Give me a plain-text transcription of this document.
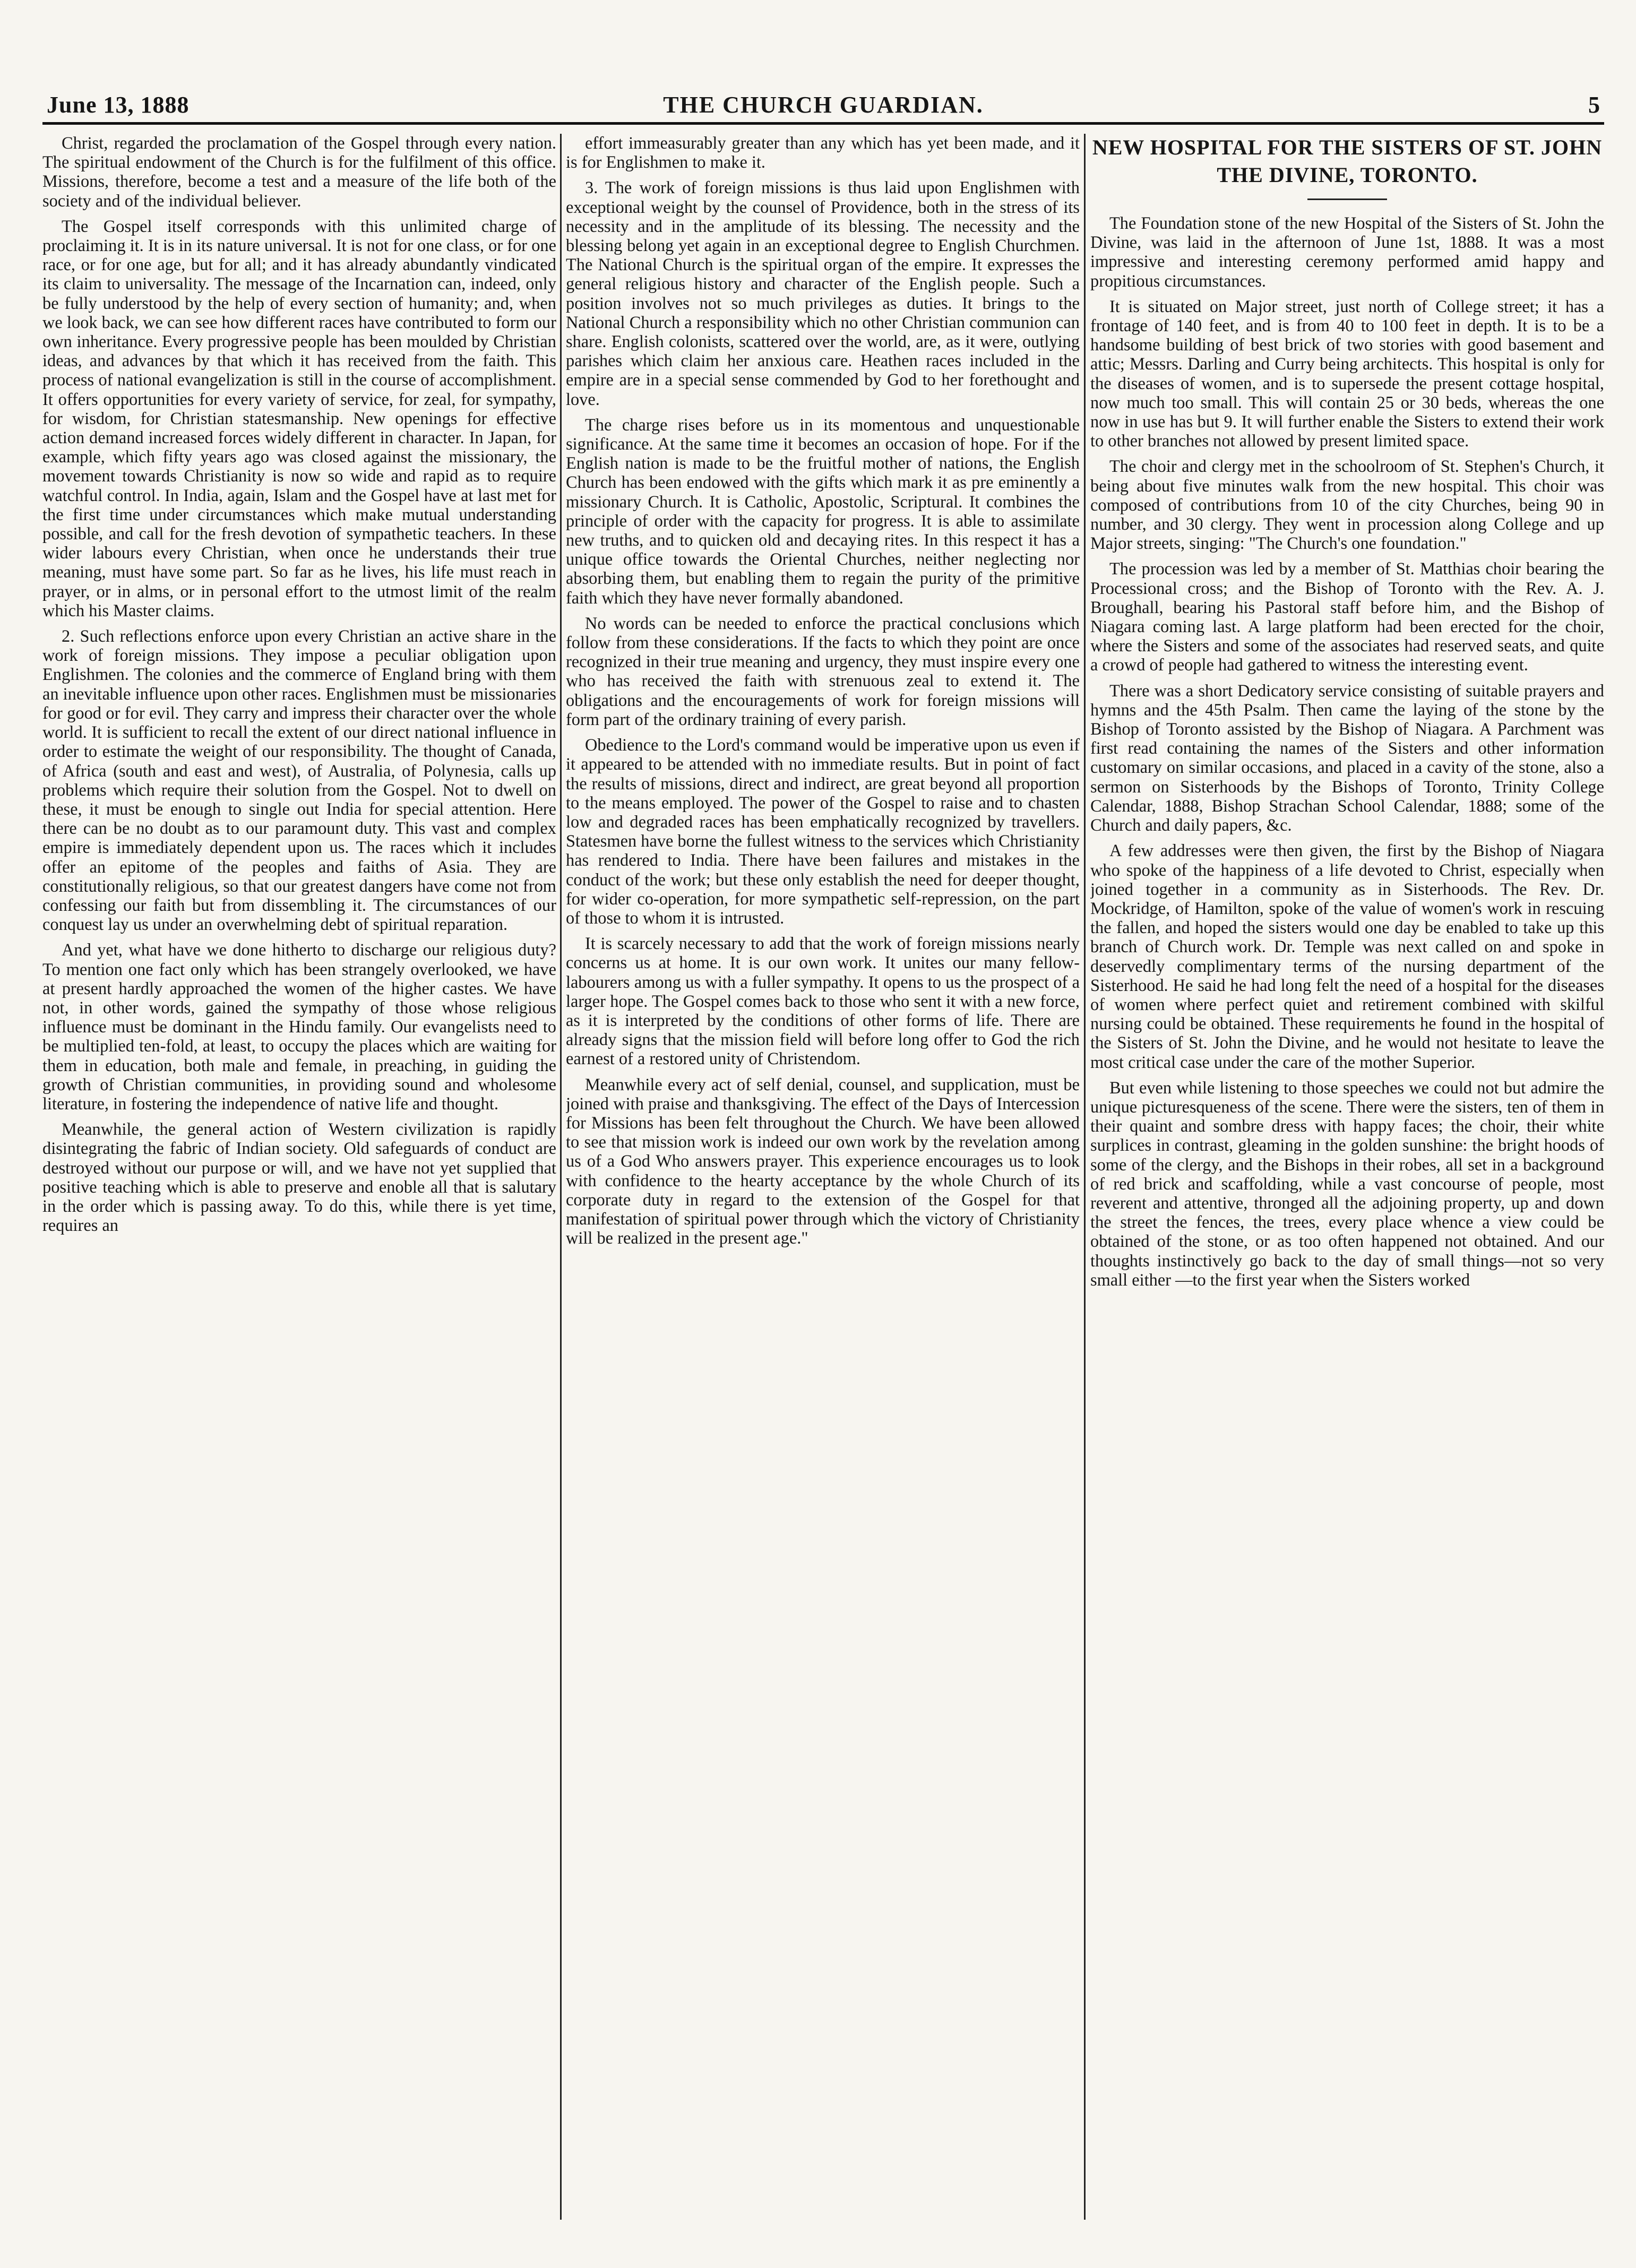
June 13, 1888	THE CHURCH GUARDIAN.	5

Christ, regarded the proclamation of the Gospel through every nation. The spiritual endowment of the Church is for the fulfilment of this office. Missions, therefore, become a test and a measure of the life both of the society and of the individual believer.

The Gospel itself corresponds with this unlimited charge of proclaiming it. It is in its nature universal. It is not for one class, or for one race, or for one age, but for all; and it has already abundantly vindicated its claim to universality. The message of the Incarnation can, indeed, only be fully understood by the help of every section of humanity; and, when we look back, we can see how different races have contributed to form our own inheritance. Every progressive people has been moulded by Christian ideas, and advances by that which it has received from the faith. This process of national evangelization is still in the course of accomplishment. It offers opportunities for every variety of service, for zeal, for sympathy, for wisdom, for Christian statesmanship. New openings for effective action demand increased forces widely different in character. In Japan, for example, which fifty years ago was closed against the missionary, the movement towards Christianity is now so wide and rapid as to require watchful control. In India, again, Islam and the Gospel have at last met for the first time under circumstances which make mutual understanding possible, and call for the fresh devotion of sympathetic teachers. In these wider labours every Christian, when once he understands their true meaning, must have some part. So far as he lives, his life must reach in prayer, or in alms, or in personal effort to the utmost limit of the realm which his Master claims.

2. Such reflections enforce upon every Christian an active share in the work of foreign missions. They impose a peculiar obligation upon Englishmen. The colonies and the commerce of England bring with them an inevitable influence upon other races. Englishmen must be missionaries for good or for evil. They carry and impress their character over the whole world. It is sufficient to recall the extent of our direct national influence in order to estimate the weight of our responsibility. The thought of Canada, of Africa (south and east and west), of Australia, of Polynesia, calls up problems which require their solution from the Gospel. Not to dwell on these, it must be enough to single out India for special attention. Here there can be no doubt as to our paramount duty. This vast and complex empire is immediately dependent upon us. The races which it includes offer an epitome of the peoples and faiths of Asia. They are constitutionally religious, so that our greatest dangers have come not from confessing our faith but from dissembling it. The circumstances of our conquest lay us under an overwhelming debt of spiritual reparation.

And yet, what have we done hitherto to discharge our religious duty? To mention one fact only which has been strangely overlooked, we have at present hardly approached the women of the higher castes. We have not, in other words, gained the sympathy of those whose religious influence must be dominant in the Hindu family. Our evangelists need to be multiplied ten-fold, at least, to occupy the places which are waiting for them in education, both male and female, in preaching, in guiding the growth of Christian communities, in providing sound and wholesome literature, in fostering the independence of native life and thought.

Meanwhile, the general action of Western civilization is rapidly disintegrating the fabric of Indian society. Old safeguards of conduct are destroyed without our purpose or will, and we have not yet supplied that positive teaching which is able to preserve and enoble all that is salutary in the order which is passing away. To do this, while there is yet time, requires an

effort immeasurably greater than any which has yet been made, and it is for Englishmen to make it.

3. The work of foreign missions is thus laid upon Englishmen with exceptional weight by the counsel of Providence, both in the stress of its necessity and in the amplitude of its blessing. The necessity and the blessing belong yet again in an exceptional degree to English Churchmen. The National Church is the spiritual organ of the empire. It expresses the general religious history and character of the English people. Such a position involves not so much privileges as duties. It brings to the National Church a responsibility which no other Christian communion can share. English colonists, scattered over the world, are, as it were, outlying parishes which claim her anxious care. Heathen races included in the empire are in a special sense commended by God to her forethought and love.

The charge rises before us in its momentous and unquestionable significance. At the same time it becomes an occasion of hope. For if the English nation is made to be the fruitful mother of nations, the English Church has been endowed with the gifts which mark it as pre eminently a missionary Church. It is Catholic, Apostolic, Scriptural. It combines the principle of order with the capacity for progress. It is able to assimilate new truths, and to quicken old and decaying rites. In this respect it has a unique office towards the Oriental Churches, neither neglecting nor absorbing them, but enabling them to regain the purity of the primitive faith which they have never formally abandoned.

No words can be needed to enforce the practical conclusions which follow from these considerations. If the facts to which they point are once recognized in their true meaning and urgency, they must inspire every one who has received the faith with strenuous zeal to extend it. The obligations and the encouragements of work for foreign missions will form part of the ordinary training of every parish.

Obedience to the Lord's command would be imperative upon us even if it appeared to be attended with no immediate results. But in point of fact the results of missions, direct and indirect, are great beyond all proportion to the means employed. The power of the Gospel to raise and to chasten low and degraded races has been emphatically recognized by travellers. Statesmen have borne the fullest witness to the services which Christianity has rendered to India. There have been failures and mistakes in the conduct of the work; but these only establish the need for deeper thought, for wider co-operation, for more sympathetic self-repression, on the part of those to whom it is intrusted.

It is scarcely necessary to add that the work of foreign missions nearly concerns us at home. It is our own work. It unites our many fellow-labourers among us with a fuller sympathy. It opens to us the prospect of a larger hope. The Gospel comes back to those who sent it with a new force, as it is interpreted by the conditions of other forms of life. There are already signs that the mission field will before long offer to God the rich earnest of a restored unity of Christendom.

Meanwhile every act of self denial, counsel, and supplication, must be joined with praise and thanksgiving. The effect of the Days of Intercession for Missions has been felt throughout the Church. We have been allowed to see that mission work is indeed our own work by the revelation among us of a God Who answers prayer. This experience encourages us to look with confidence to the hearty acceptance by the whole Church of its corporate duty in regard to the extension of the Gospel for that manifestation of spiritual power through which the victory of Christianity will be realized in the present age."

NEW HOSPITAL FOR THE SISTERS OF ST. JOHN THE DIVINE, TORONTO.

The Foundation stone of the new Hospital of the Sisters of St. John the Divine, was laid in the afternoon of June 1st, 1888. It was a most impressive and interesting ceremony performed amid happy and propitious circumstances.

It is situated on Major street, just north of College street; it has a frontage of 140 feet, and is from 40 to 100 feet in depth. It is to be a handsome building of best brick of two stories with good basement and attic; Messrs. Darling and Curry being architects. This hospital is only for the diseases of women, and is to supersede the present cottage hospital, now much too small. This will contain 25 or 30 beds, whereas the one now in use has but 9. It will further enable the Sisters to extend their work to other branches not allowed by present limited space.

The choir and clergy met in the schoolroom of St. Stephen's Church, it being about five minutes walk from the new hospital. This choir was composed of contributions from 10 of the city Churches, being 90 in number, and 30 clergy. They went in procession along College and up Major streets, singing: "The Church's one foundation."

The procession was led by a member of St. Matthias choir bearing the Processional cross; and the Bishop of Toronto with the Rev. A. J. Broughall, bearing his Pastoral staff before him, and the Bishop of Niagara coming last. A large platform had been erected for the choir, where the Sisters and some of the associates had reserved seats, and quite a crowd of people had gathered to witness the interesting event.

There was a short Dedicatory service consisting of suitable prayers and hymns and the 45th Psalm. Then came the laying of the stone by the Bishop of Toronto assisted by the Bishop of Niagara. A Parchment was first read containing the names of the Sisters and other information customary on similar occasions, and placed in a cavity of the stone, also a sermon on Sisterhoods by the Bishops of Toronto, Trinity College Calendar, 1888, Bishop Strachan School Calendar, 1888; some of the Church and daily papers, &c.

A few addresses were then given, the first by the Bishop of Niagara who spoke of the happiness of a life devoted to Christ, especially when joined together in a community as in Sisterhoods. The Rev. Dr. Mockridge, of Hamilton, spoke of the value of women's work in rescuing the fallen, and hoped the sisters would one day be enabled to take up this branch of Church work. Dr. Temple was next called on and spoke in deservedly complimentary terms of the nursing department of the Sisterhood. He said he had long felt the need of a hospital for the diseases of women where perfect quiet and retirement combined with skilful nursing could be obtained. These requirements he found in the hospital of the Sisters of St. John the Divine, and he would not hesitate to leave the most critical case under the care of the mother Superior.

But even while listening to those speeches we could not but admire the unique picturesqueness of the scene. There were the sisters, ten of them in their quaint and sombre dress with happy faces; the choir, their white surplices in contrast, gleaming in the golden sunshine: the bright hoods of some of the clergy, and the Bishops in their robes, all set in a background of red brick and scaffolding, while a vast concourse of people, most reverent and attentive, thronged all the adjoining property, up and down the street the fences, the trees, every place whence a view could be obtained of the stone, or as too often happened not obtained. And our thoughts instinctively go back to the day of small things—not so very small either —to the first year when the Sisters worked
